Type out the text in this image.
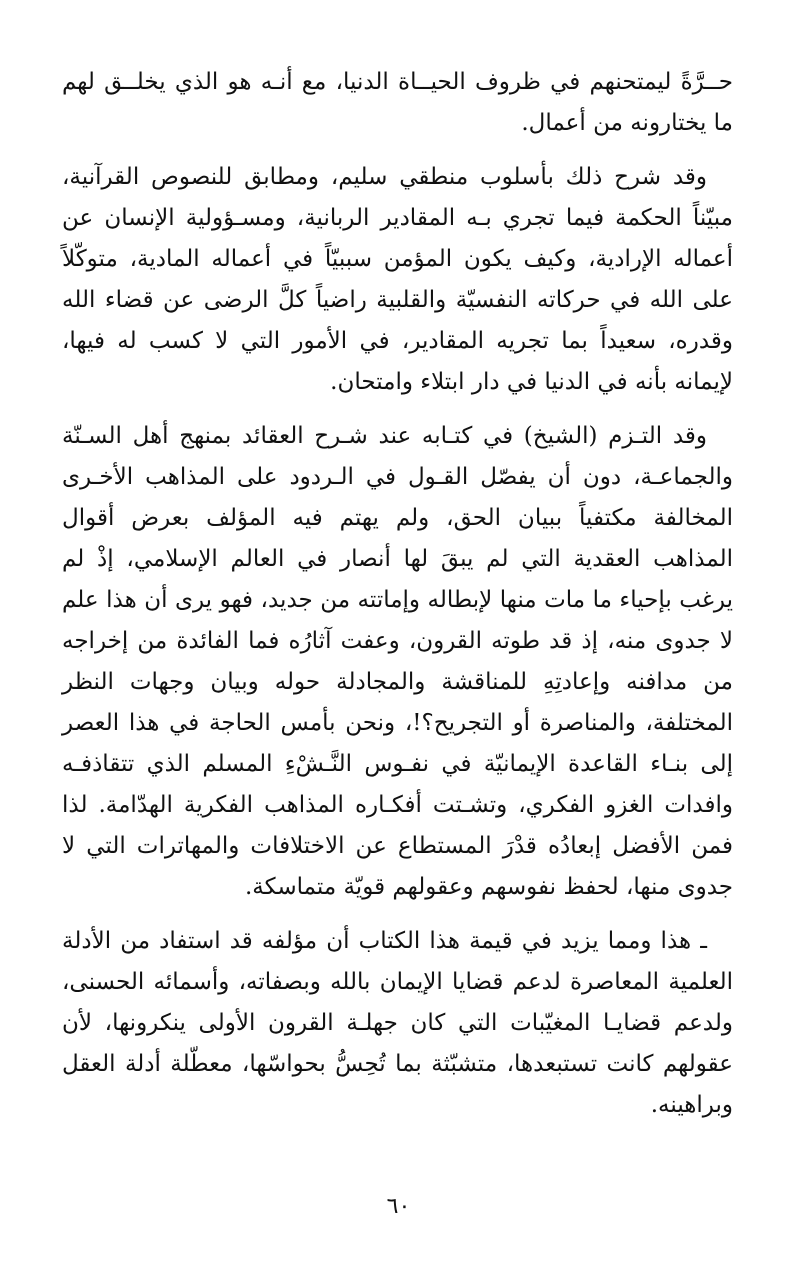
حــرَّةً ليمتحنهم في ظروف الحيــاة الدنيا، مع أنـه هو الذي يخلــق لهم ما يختارونه من أعمال.

وقد شرح ذلك بأسلوب منطقي سليم، ومطابق للنصوص القرآنية، مبيّناً الحكمة فيما تجري بـه المقادير الربانية، ومسـؤولية الإنسان عن أعماله الإرادية، وكيف يكون المؤمن سببيّاً في أعماله المادية، متوكّلاً على الله في حركاته النفسيّة والقلبية راضياً كلَّ الرضى عن قضاء الله وقدره، سعيداً بما تجريه المقادير، في الأمور التي لا كسب له فيها، لإيمانه بأنه في الدنيا في دار ابتلاء وامتحان.

وقد التـزم (الشيخ) في كتـابه عند شـرح العقائد بمنهج أهل السـنّة والجماعـة، دون أن يفصّل القـول في الـردود على المذاهب الأخـرى المخالفة مكتفياً ببيان الحق، ولم يهتم فيه المؤلف بعرض أقوال المذاهب العقدية التي لم يبقَ لها أنصار في العالم الإسلامي، إذْ لم يرغب بإحياء ما مات منها لإبطاله وإماتته من جديد، فهو يرى أن هذا علم لا جدوى منه، إذ قد طوته القرون، وعفت آثارُه فما الفائدة من إخراجه من مدافنه وإعادتِهِ للمناقشة والمجادلة حوله وبيان وجهات النظر المختلفة، والمناصرة أو التجريح؟!، ونحن بأمس الحاجة في هذا العصر إلى بنـاء القاعدة الإيمانيّة في نفـوس النَّـشْءِ المسلم الذي تتقاذفـه وافدات الغزو الفكري، وتشـتت أفكـاره المذاهب الفكرية الهدّامة. لذا فمن الأفضل إبعادُه قدْرَ المستطاع عن الاختلافات والمهاترات التي لا جدوى منها، لحفظ نفوسهم وعقولهم قويّة متماسكة.

ـ هذا ومما يزيد في قيمة هذا الكتاب أن مؤلفه قد استفاد من الأدلة العلمية المعاصرة لدعم قضايا الإيمان بالله وبصفاته، وأسمائه الحسنى، ولدعم قضايـا المغيّبات التي كان جهلـة القرون الأولى ينكرونها، لأن عقولهم كانت تستبعدها، متشبّثة بما تُحِسُّ بحواسّها، معطّلة أدلة العقل وبراهينه.

٦٠
